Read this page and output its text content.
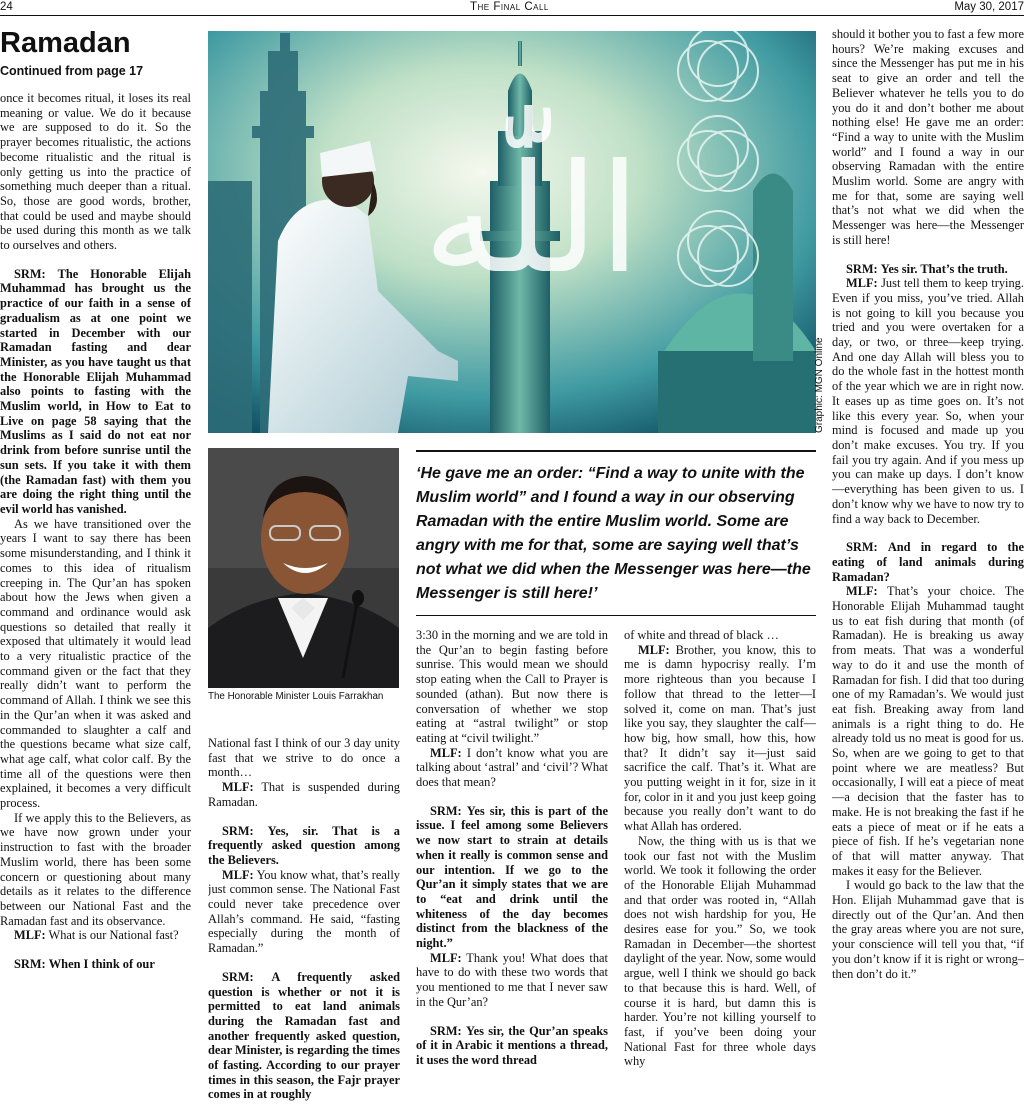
24	The Final Call	May 30, 2017
Ramadan
Continued from page 17

once it becomes ritual, it loses its real meaning or value. We do it because we are supposed to do it. So the prayer becomes ritualistic, the actions become ritualistic and the ritual is only getting us into the practice of something much deeper than a ritual. So, those are good words, brother, that could be used and maybe should be used during this month as we talk to ourselves and others.

SRM: The Honorable Elijah Muhammad has brought us the practice of our faith in a sense of gradualism as at one point we started in December with our Ramadan fasting and dear Minister, as you have taught us that the Honorable Elijah Muhammad also points to fasting with the Muslim world, in How to Eat to Live on page 58 saying that the Muslims as I said do not eat nor drink from before sunrise until the sun sets. If you take it with them (the Ramadan fast) with them you are doing the right thing until the evil world has vanished.

As we have transitioned over the years I want to say there has been some misunderstanding, and I think it comes to this idea of ritualism creeping in. The Qur’an has spoken about how the Jews when given a command and ordinance would ask questions so detailed that really it exposed that ultimately it would lead to a very ritualistic practice of the command given or the fact that they really didn’t want to perform the command of Allah. I think we see this in the Qur’an when it was asked and commanded to slaughter a calf and the questions became what size calf, what age calf, what color calf. By the time all of the questions were then explained, it becomes a very difficult process.

If we apply this to the Believers, as we have now grown under your instruction to fast with the broader Muslim world, there has been some concern or questioning about many details as it relates to the difference between our National Fast and the Ramadan fast and its observance.

MLF: What is our National fast?

SRM: When I think of our

اللّٰه
Graphic: MGN Online
The Honorable Minister Louis Farrakhan
‘He gave me an order: “Find a way to unite with the Muslim world” and I found a way in our observing Ramadan with the entire Muslim world. Some are angry with me for that, some are saying well that’s not what we did when the Messenger was here—the Messenger is still here!’

National fast I think of our 3 day unity fast that we strive to do once a month…

MLF: That is suspended during Ramadan.

SRM: Yes, sir. That is a frequently asked question among the Believers.

MLF: You know what, that’s really just common sense. The National Fast could never take precedence over Allah’s command. He said, “fasting especially during the month of Ramadan.”

SRM: A frequently asked question is whether or not it is permitted to eat land animals during the Ramadan fast and another frequently asked question, dear Minister, is regarding the times of fasting. According to our prayer times in this season, the Fajr prayer comes in at roughly

3:30 in the morning and we are told in the Qur’an to begin fasting before sunrise. This would mean we should stop eating when the Call to Prayer is sounded (athan). But now there is conversation of whether we stop eating at “astral twilight” or stop eating at “civil twilight.”

MLF: I don’t know what you are talking about ‘astral’ and ‘civil’? What does that mean?

SRM: Yes sir, this is part of the issue. I feel among some Believers we now start to strain at details when it really is common sense and our intention. If we go to the Qur’an it simply states that we are to “eat and drink until the whiteness of the day becomes distinct from the blackness of the night.”

MLF: Thank you! What does that have to do with these two words that you mentioned to me that I never saw in the Qur’an?

SRM: Yes sir, the Qur’an speaks of it in Arabic it mentions a thread, it uses the word thread

of white and thread of black …

MLF: Brother, you know, this to me is damn hypocrisy really. I’m more righteous than you because I follow that thread to the letter—I solved it, come on man. That’s just like you say, they slaughter the calf—how big, how small, how this, how that? It didn’t say it—just said sacrifice the calf. That’s it. What are you putting weight in it for, size in it for, color in it and you just keep going because you really don’t want to do what Allah has ordered.

Now, the thing with us is that we took our fast not with the Muslim world. We took it following the order of the Honorable Elijah Muhammad and that order was rooted in, “Allah does not wish hardship for you, He desires ease for you.” So, we took Ramadan in December—the shortest daylight of the year. Now, some would argue, well I think we should go back to that because this is hard. Well, of course it is hard, but damn this is harder. You’re not killing yourself to fast, if you’ve been doing your National Fast for three whole days why

should it bother you to fast a few more hours? We’re making excuses and since the Messenger has put me in his seat to give an order and tell the Believer whatever he tells you to do you do it and don’t bother me about nothing else! He gave me an order: “Find a way to unite with the Muslim world” and I found a way in our observing Ramadan with the entire Muslim world. Some are angry with me for that, some are saying well that’s not what we did when the Messenger was here—the Messenger is still here!

SRM: Yes sir. That’s the truth.

MLF: Just tell them to keep trying. Even if you miss, you’ve tried. Allah is not going to kill you because you tried and you were overtaken for a day, or two, or three—keep trying. And one day Allah will bless you to do the whole fast in the hottest month of the year which we are in right now. It eases up as time goes on. It’s not like this every year. So, when your mind is focused and made up you don’t make excuses. You try. If you fail you try again. And if you mess up you can make up days. I don’t know—everything has been given to us. I don’t know why we have to now try to find a way back to December.

SRM: And in regard to the eating of land animals during Ramadan?

MLF: That’s your choice. The Honorable Elijah Muhammad taught us to eat fish during that month (of Ramadan). He is breaking us away from meats. That was a wonderful way to do it and use the month of Ramadan for fish. I did that too during one of my Ramadan’s. We would just eat fish. Breaking away from land animals is a right thing to do. He already told us no meat is good for us. So, when are we going to get to that point where we are meatless? But occasionally, I will eat a piece of meat—a decision that the faster has to make. He is not breaking the fast if he eats a piece of meat or if he eats a piece of fish. If he’s vegetarian none of that will matter anyway. That makes it easy for the Believer.

I would go back to the law that the Hon. Elijah Muhammad gave that is directly out of the Qur’an. And then the gray areas where you are not sure, your conscience will tell you that, “if you don’t know if it is right or wrong–then don’t do it.”
